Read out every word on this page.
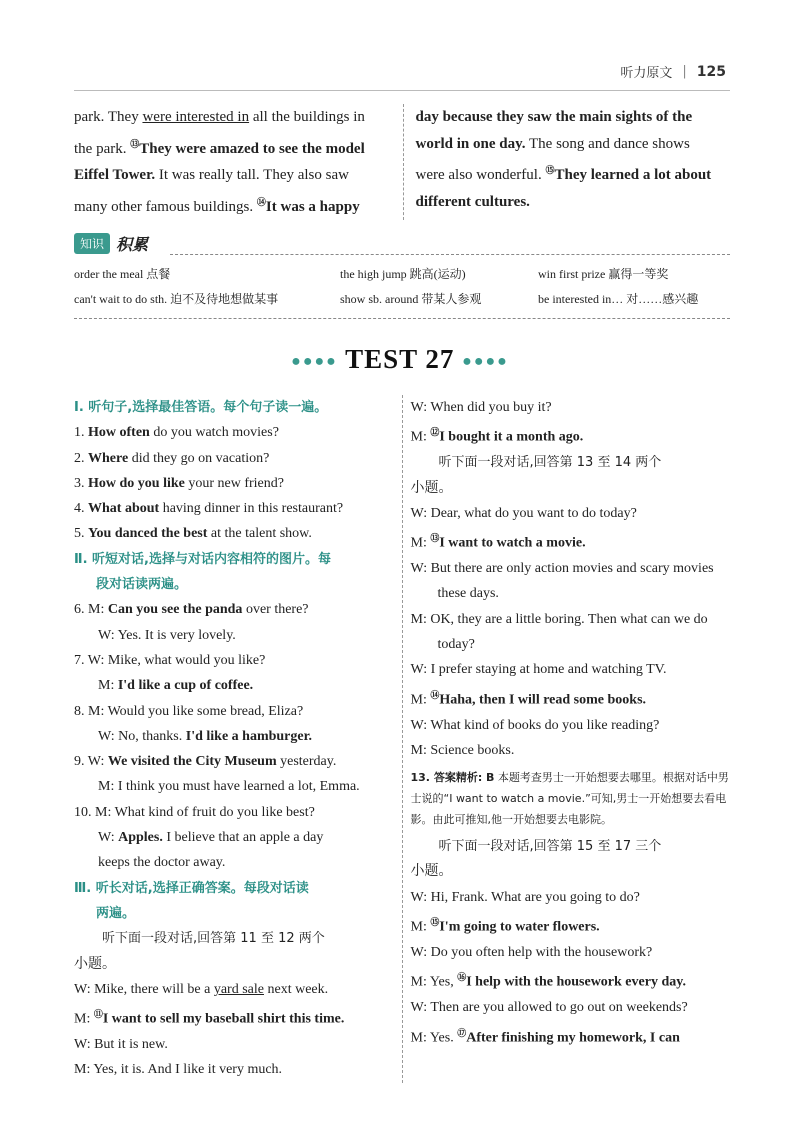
听力原文 | 125

park. They were interested in all the buildings in

the park. ⑬They were amazed to see the model

Eiffel Tower. It was really tall. They also saw

many other famous buildings. ⑭It was a happy

day because they saw the main sights of the

world in one day. The song and dance shows

were also wonderful. ⑮They learned a lot about

different cultures.

知识 积累
order the meal 点餐	the high jump 跳高(运动)	win first prize 赢得一等奖
can't wait to do sth. 迫不及待地想做某事	show sb. around 带某人参观	be interested in… 对……感兴趣
●●●● TEST 27 ●●●●

Ⅰ. 听句子,选择最佳答语。每个句子读一遍。

1. How often do you watch movies?

2. Where did they go on vacation?

3. How do you like your new friend?

4. What about having dinner in this restaurant?

5. You danced the best at the talent show.

Ⅱ. 听短对话,选择与对话内容相符的图片。每

段对话读两遍。

6. M: Can you see the panda over there?

W: Yes. It is very lovely.

7. W: Mike, what would you like?

M: I'd like a cup of coffee.

8. M: Would you like some bread, Eliza?

W: No, thanks. I'd like a hamburger.

9. W: We visited the City Museum yesterday.

M: I think you must have learned a lot, Emma.

10. M: What kind of fruit do you like best?

W: Apples. I believe that an apple a day

keeps the doctor away.

Ⅲ. 听长对话,选择正确答案。每段对话读

两遍。

听下面一段对话,回答第 11 至 12 两个

小题。

W: Mike, there will be a yard sale next week.

M: ⑪I want to sell my baseball shirt this time.

W: But it is new.

M: Yes, it is. And I like it very much.

W: When did you buy it?

M: ⑫I bought it a month ago.

听下面一段对话,回答第 13 至 14 两个

小题。

W: Dear, what do you want to do today?

M: ⑬I want to watch a movie.

W: But there are only action movies and scary movies these days.

M: OK, they are a little boring. Then what can we do today?

W: I prefer staying at home and watching TV.

M: ⑭Haha, then I will read some books.

W: What kind of books do you like reading?

M: Science books.

13. 答案精析: B 本题考查男士一开始想要去哪里。根据对话中男士说的“I want to watch a movie.”可知,男士一开始想要去看电影。由此可推知,他一开始想要去电影院。

听下面一段对话,回答第 15 至 17 三个

小题。

W: Hi, Frank. What are you going to do?

M: ⑮I'm going to water flowers.

W: Do you often help with the housework?

M: Yes, ⑯I help with the housework every day.

W: Then are you allowed to go out on weekends?

M: Yes. ⑰After finishing my homework, I can
